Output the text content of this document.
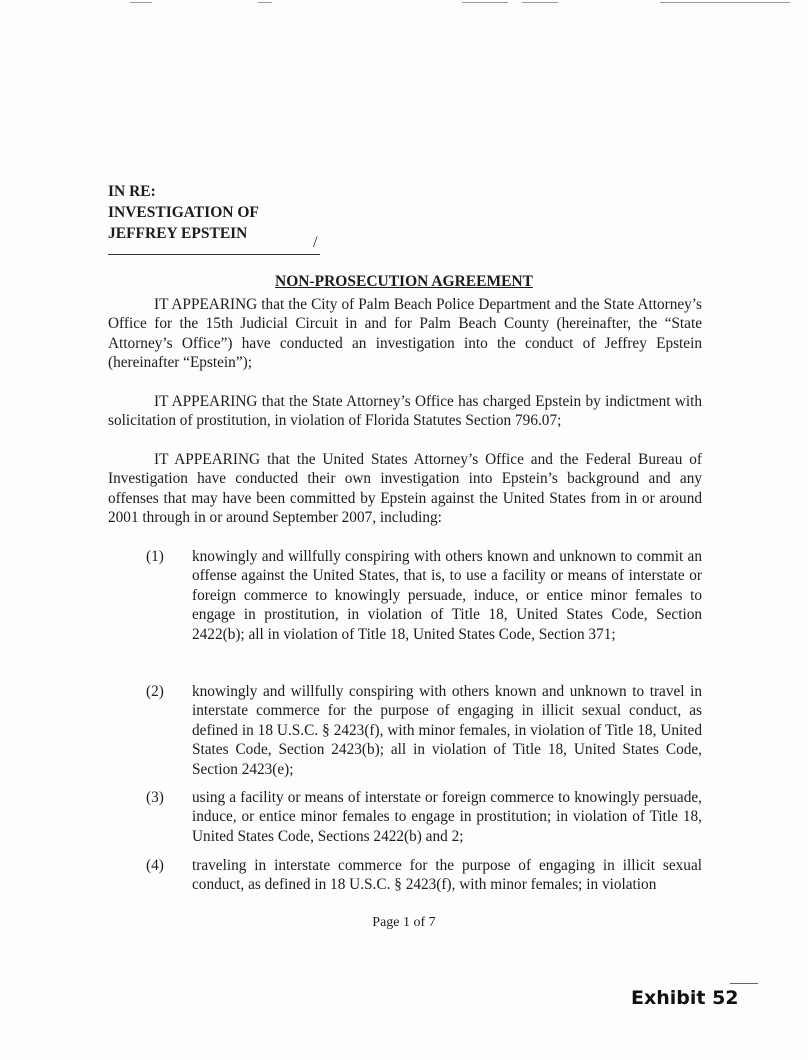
IN RE:
INVESTIGATION OF
JEFFREY EPSTEIN
/
NON-PROSECUTION AGREEMENT
IT APPEARING that the City of Palm Beach Police Department and the State Attorney’s Office for the 15th Judicial Circuit in and for Palm Beach County (hereinafter, the “State Attorney’s Office”) have conducted an investigation into the conduct of Jeffrey Epstein (hereinafter “Epstein”);
IT APPEARING that the State Attorney’s Office has charged Epstein by indictment with solicitation of prostitution, in violation of Florida Statutes Section 796.07;
IT APPEARING that the United States Attorney’s Office and the Federal Bureau of Investigation have conducted their own investigation into Epstein’s background and any offenses that may have been committed by Epstein against the United States from in or around 2001 through in or around September 2007, including:
(1) knowingly and willfully conspiring with others known and unknown to commit an offense against the United States, that is, to use a facility or means of interstate or foreign commerce to knowingly persuade, induce, or entice minor females to engage in prostitution, in violation of Title 18, United States Code, Section 2422(b); all in violation of Title 18, United States Code, Section 371;
(2) knowingly and willfully conspiring with others known and unknown to travel in interstate commerce for the purpose of engaging in illicit sexual conduct, as defined in 18 U.S.C. § 2423(f), with minor females, in violation of Title 18, United States Code, Section 2423(b); all in violation of Title 18, United States Code, Section 2423(e);
(3) using a facility or means of interstate or foreign commerce to knowingly persuade, induce, or entice minor females to engage in prostitution; in violation of Title 18, United States Code, Sections 2422(b) and 2;
(4) traveling in interstate commerce for the purpose of engaging in illicit sexual conduct, as defined in 18 U.S.C. § 2423(f), with minor females; in violation
Page 1 of 7
Exhibit 52
